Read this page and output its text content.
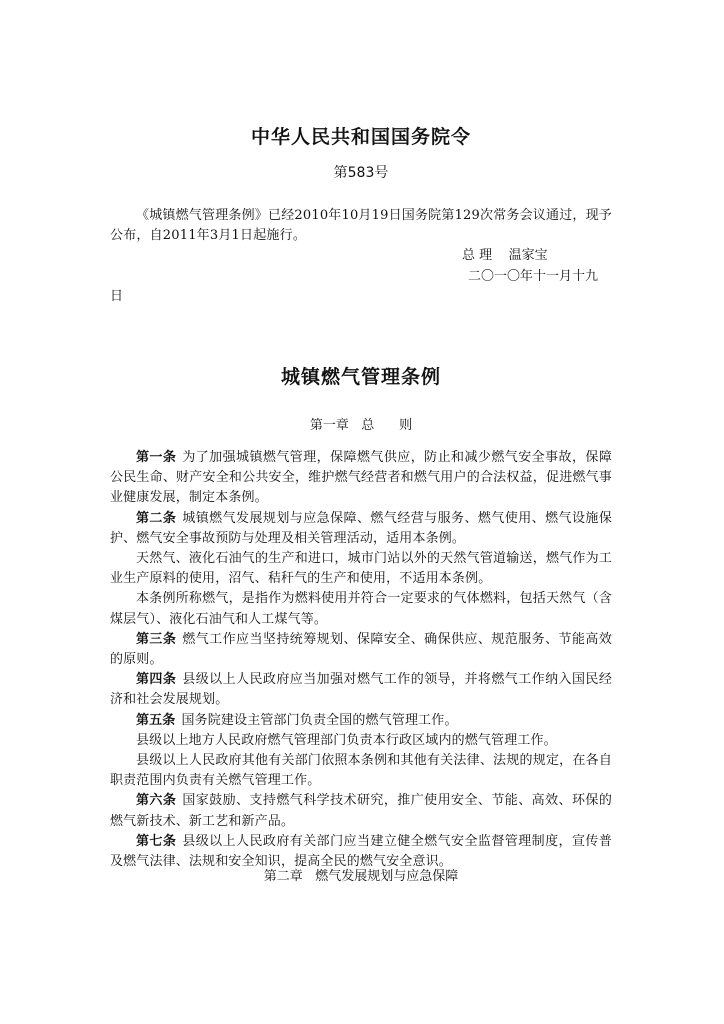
中华人民共和国国务院令
第583号
《城镇燃气管理条例》已经2010年10月19日国务院第129次常务会议通过，现予公布，自2011年3月1日起施行。
总 理    温家宝
二〇一〇年十一月十九
日
城镇燃气管理条例
第一章   总      则

第一条 为了加强城镇燃气管理，保障燃气供应，防止和减少燃气安全事故，保障公民生命、财产安全和公共安全，维护燃气经营者和燃气用户的合法权益，促进燃气事业健康发展，制定本条例。

第二条 城镇燃气发展规划与应急保障、燃气经营与服务、燃气使用、燃气设施保护、燃气安全事故预防与处理及相关管理活动，适用本条例。

天然气、液化石油气的生产和进口，城市门站以外的天然气管道输送，燃气作为工业生产原料的使用，沼气、秸秆气的生产和使用，不适用本条例。

本条例所称燃气，是指作为燃料使用并符合一定要求的气体燃料，包括天然气（含煤层气）、液化石油气和人工煤气等。

第三条 燃气工作应当坚持统筹规划、保障安全、确保供应、规范服务、节能高效的原则。

第四条 县级以上人民政府应当加强对燃气工作的领导，并将燃气工作纳入国民经济和社会发展规划。

第五条 国务院建设主管部门负责全国的燃气管理工作。

县级以上地方人民政府燃气管理部门负责本行政区域内的燃气管理工作。

县级以上人民政府其他有关部门依照本条例和其他有关法律、法规的规定，在各自职责范围内负责有关燃气管理工作。

第六条 国家鼓励、支持燃气科学技术研究，推广使用安全、节能、高效、环保的燃气新技术、新工艺和新产品。

第七条 县级以上人民政府有关部门应当建立健全燃气安全监督管理制度，宣传普及燃气法律、法规和安全知识，提高全民的燃气安全意识。

第二章   燃气发展规划与应急保障
